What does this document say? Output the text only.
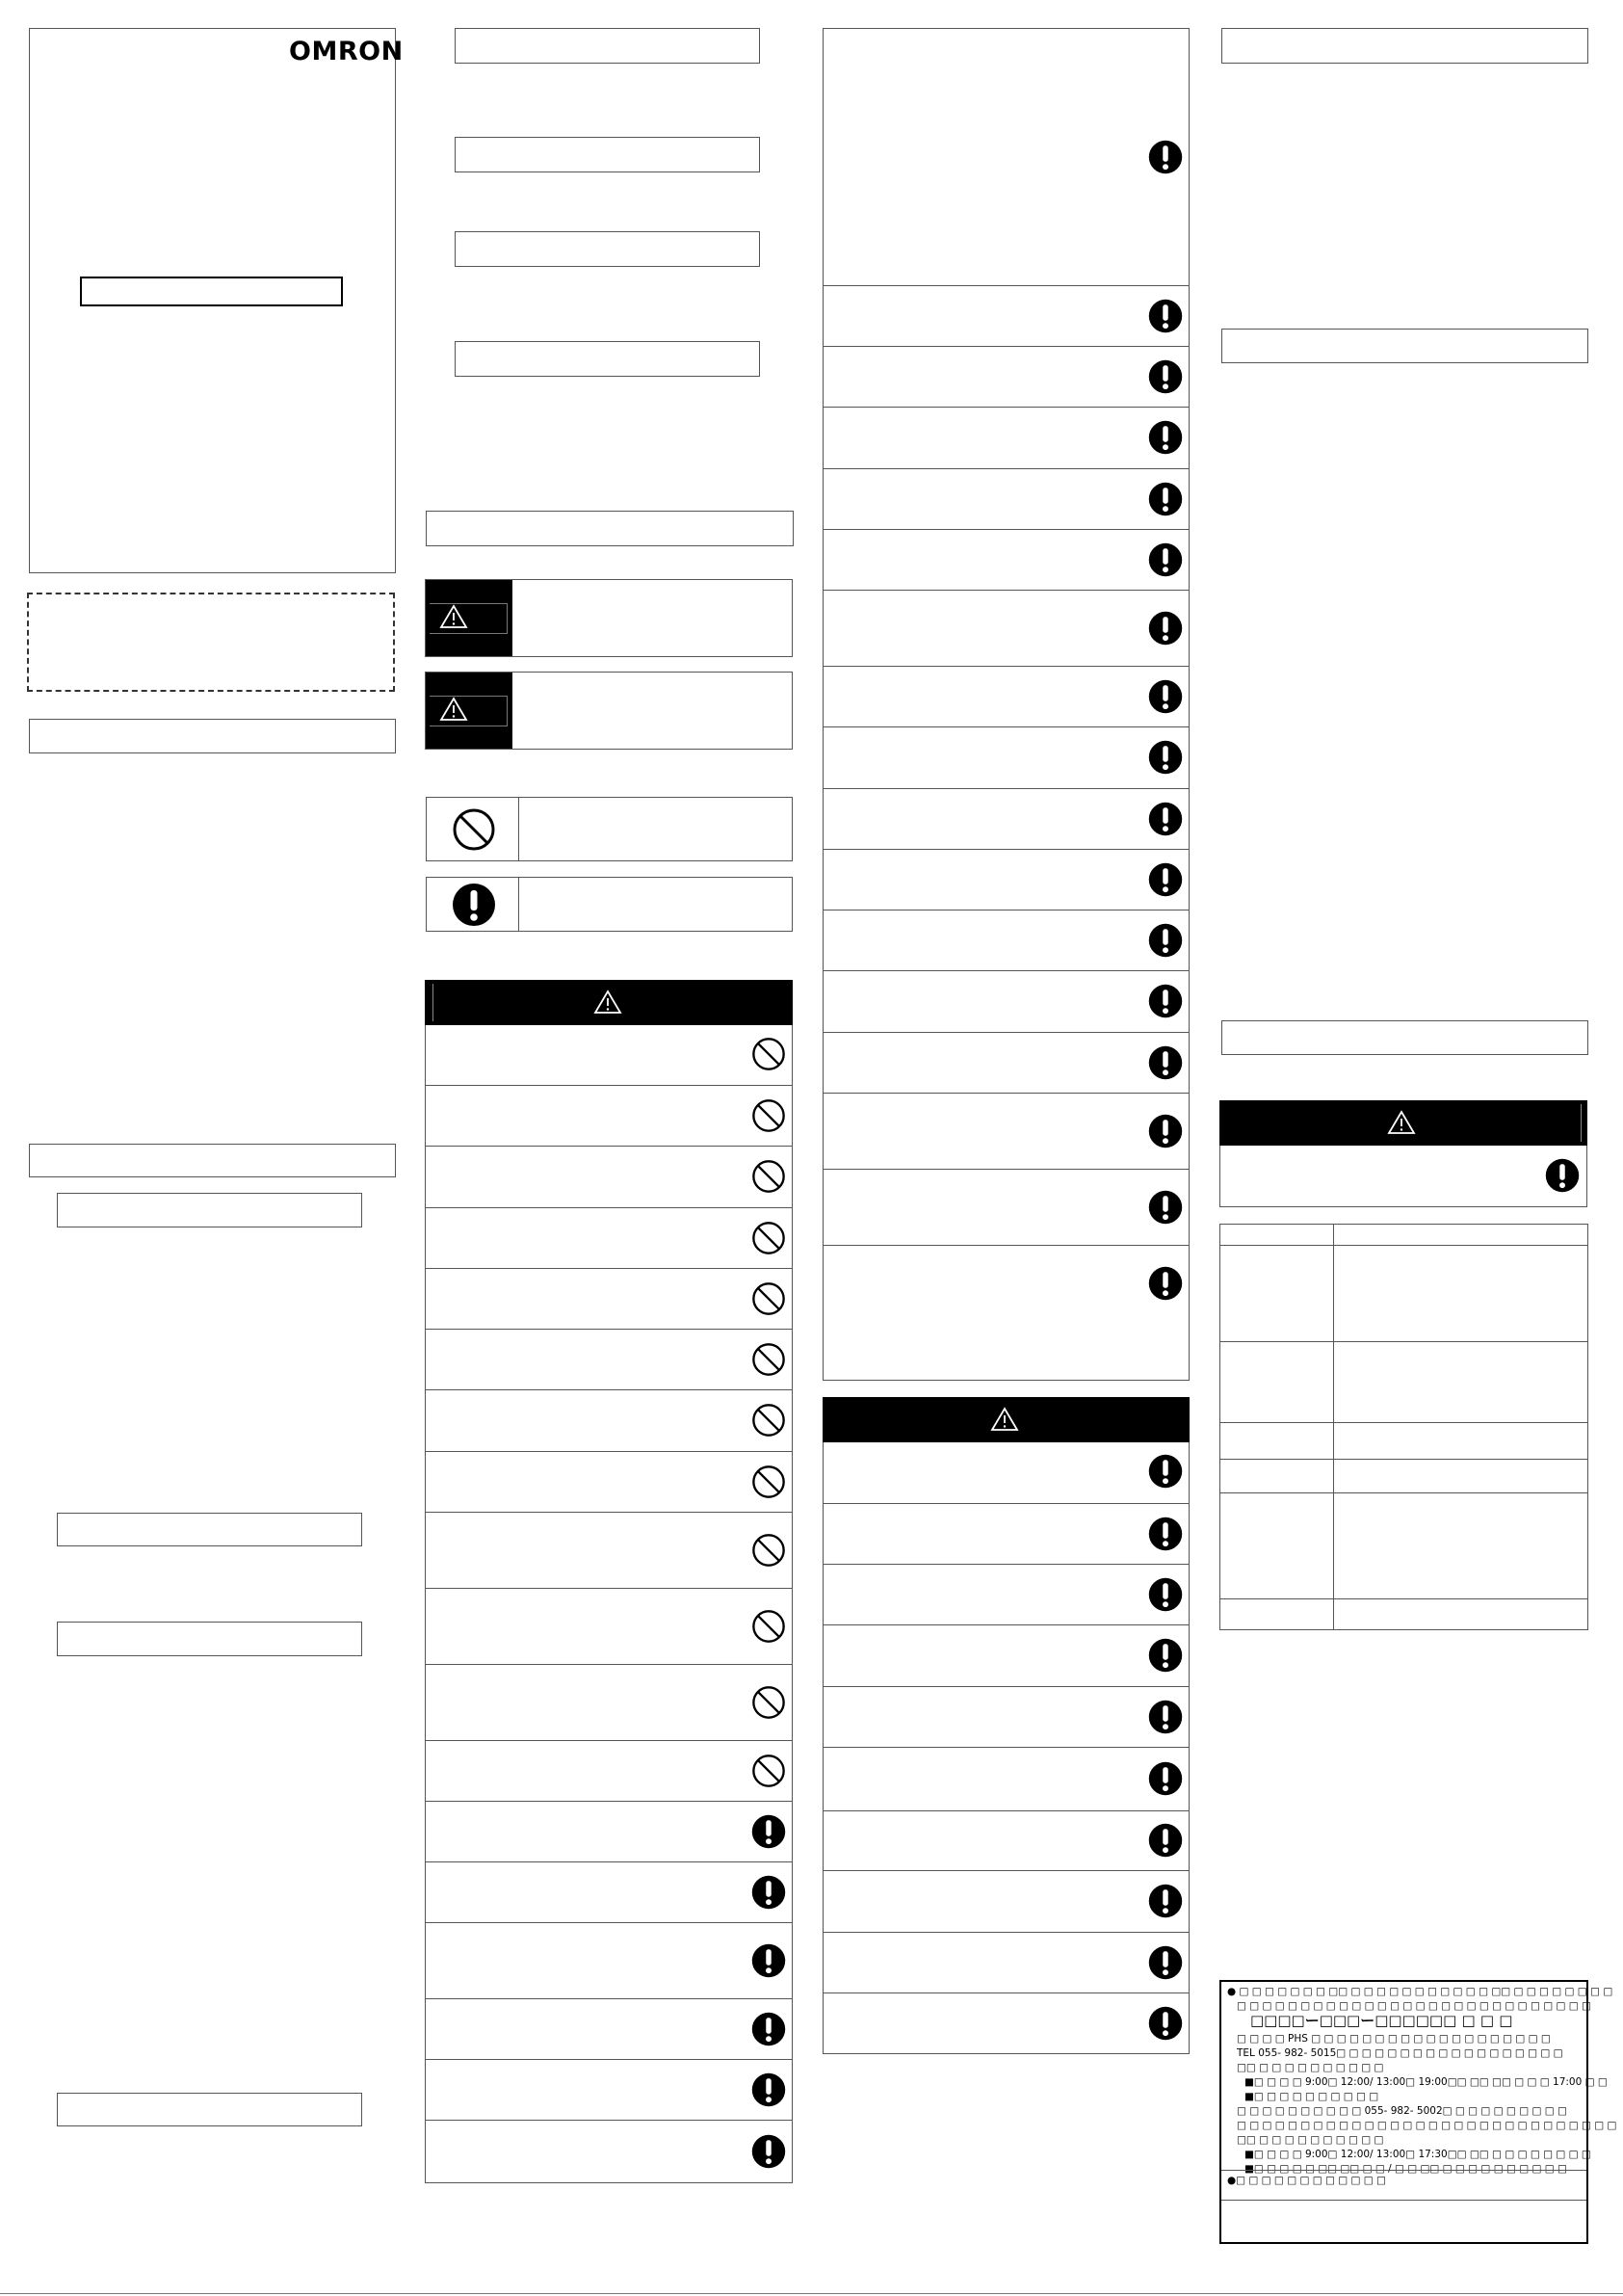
OMRON

● □ □ □ □ □ □ □ □□ □ □ □ □ □ □ □ □ □ □ □ □□ □ □ □ □ □ □ □ □
□ □ □ □ □ □ □ □ □ □ □ □ □ □ □ □ □ □ □ □ □ □ □ □ □ □ □ □
□□□□ー□□□ー□□□□□□ □ □ □
□ □ □ □ PHS □ □ □ □ □ □ □ □ □ □ □ □ □ □ □ □ □ □ □
TEL 055- 982- 5015□ □ □ □ □ □ □ □ □ □ □ □ □ □ □ □ □ □
□□ □ □ □ □ □ □ □ □ □ □
■□ □ □ □ 9:00□ 12:00/ 13:00□ 19:00□□ □□ □□ □ □ □ 17:00 □ □
■□ □ □ □ □ □ □ □ □ □
□ □ □ □ □ □ □ □ □ □ 055- 982- 5002□ □ □ □ □ □ □ □ □ □
□ □ □ □ □ □ □ □ □ □ □ □ □ □ □ □ □ □ □ □ □ □ □ □ □ □ □ □ □ □
□□ □ □ □ □ □ □ □ □ □ □
■□ □ □ □ 9:00□ 12:00/ 13:00□ 17:30□□ □□ □ □ □ □ □ □ □ □
■□ □ □ □ □ □□ □□ □ □ / □ □ □□ □ □ □ □ □ □ □ □ □ □
●□ □ □ □ □ □ □ □ □ □ □ □
